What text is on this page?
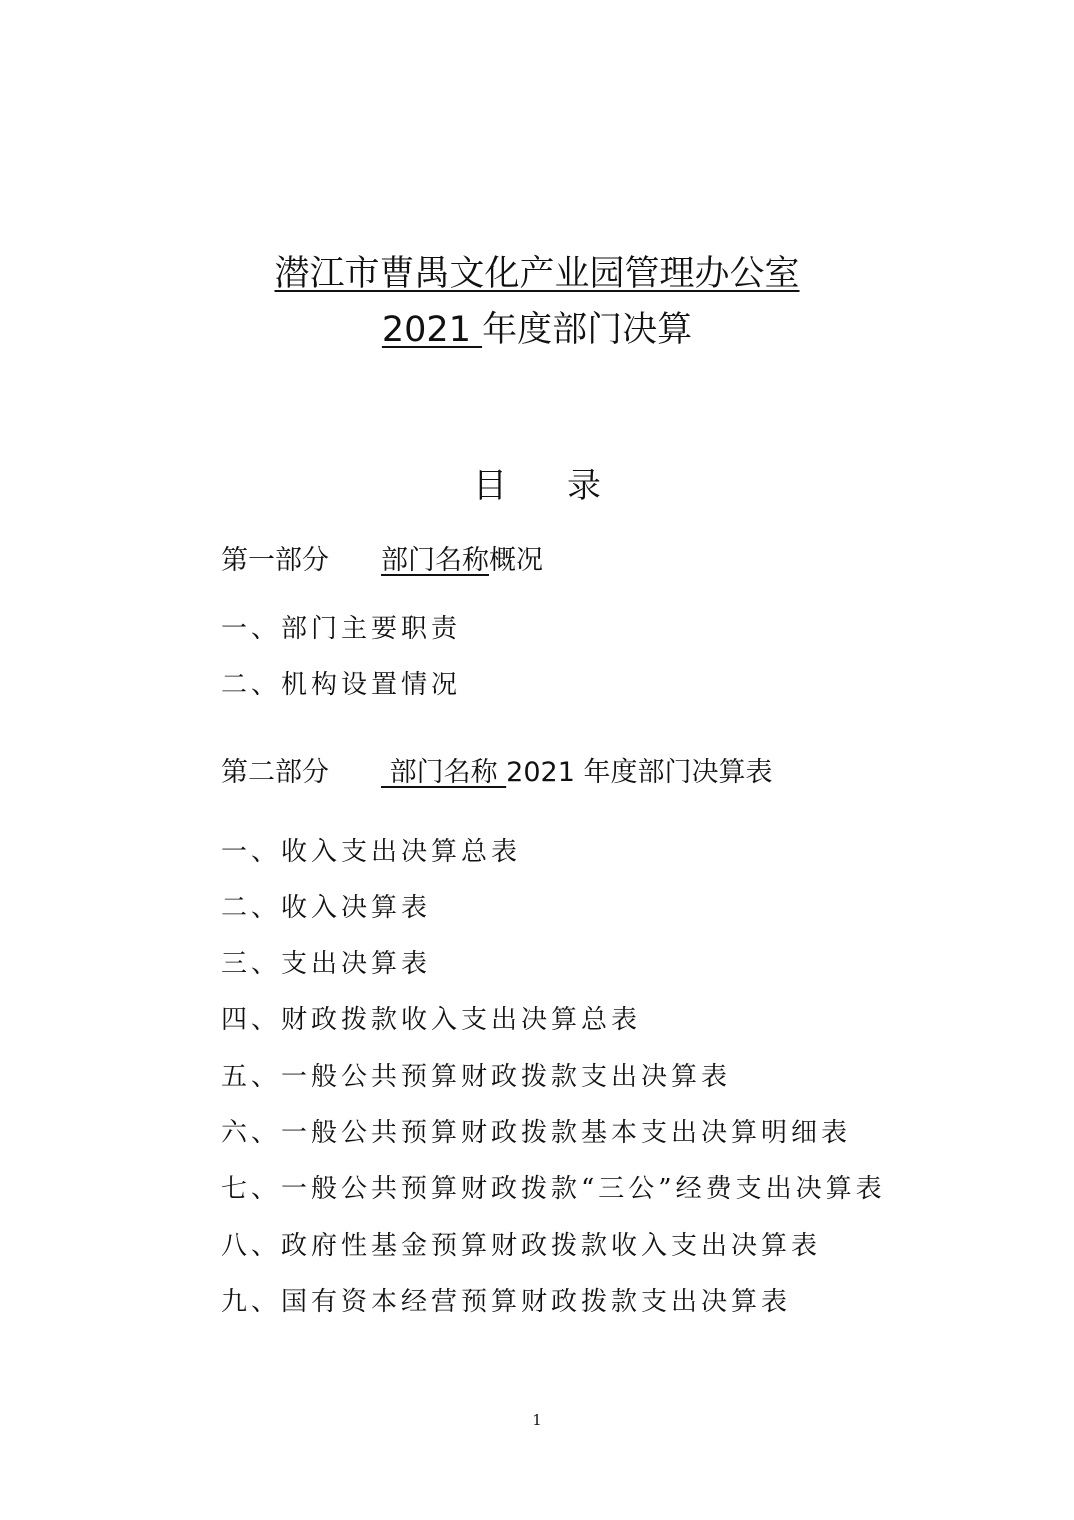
潜江市曹禺文化产业园管理办公室
2021 年度部门决算
目录
第一部分 部门名称概况
一、部门主要职责
二、机构设置情况
第二部分 部门名称 2021 年度部门决算表
一、收入支出决算总表
二、收入决算表
三、支出决算表
四、财政拨款收入支出决算总表
五、一般公共预算财政拨款支出决算表
六、一般公共预算财政拨款基本支出决算明细表
七、一般公共预算财政拨款“三公”经费支出决算表
八、政府性基金预算财政拨款收入支出决算表
九、国有资本经营预算财政拨款支出决算表
1
